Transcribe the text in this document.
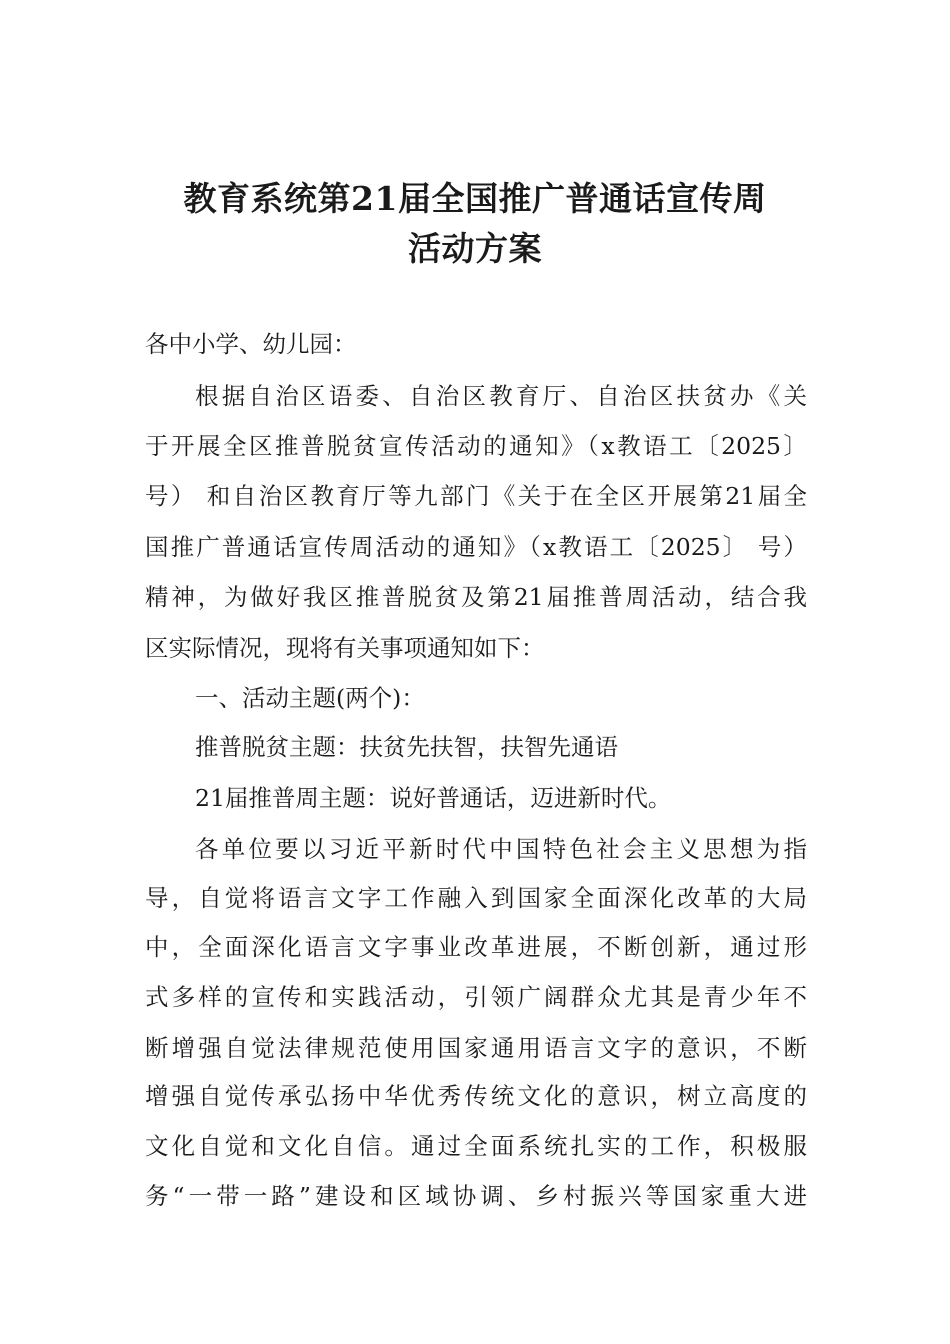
教育系统第21届全国推广普通话宣传周
活动方案
各中小学、幼儿园：
根据自治区语委、自治区教育厅、自治区扶贫办《关
于开展全区推普脱贫宣传活动的通知》（x教语工〔2025〕
号） 和自治区教育厅等九部门《关于在全区开展第21届全
国推广普通话宣传周活动的通知》（x教语工〔2025〕 号）
精神，为做好我区推普脱贫及第21届推普周活动，结合我
区实际情况，现将有关事项通知如下：
一、活动主题(两个)：
推普脱贫主题：扶贫先扶智，扶智先通语
21届推普周主题：说好普通话，迈进新时代。
各单位要以习近平新时代中国特色社会主义思想为指
导，自觉将语言文字工作融入到国家全面深化改革的大局
中，全面深化语言文字事业改革进展，不断创新，通过形
式多样的宣传和实践活动，引领广阔群众尤其是青少年不
断增强自觉法律规范使用国家通用语言文字的意识，不断
增强自觉传承弘扬中华优秀传统文化的意识，树立高度的
文化自觉和文化自信。通过全面系统扎实的工作，积极服
务“一带一路”建设和区域协调、乡村振兴等国家重大进
